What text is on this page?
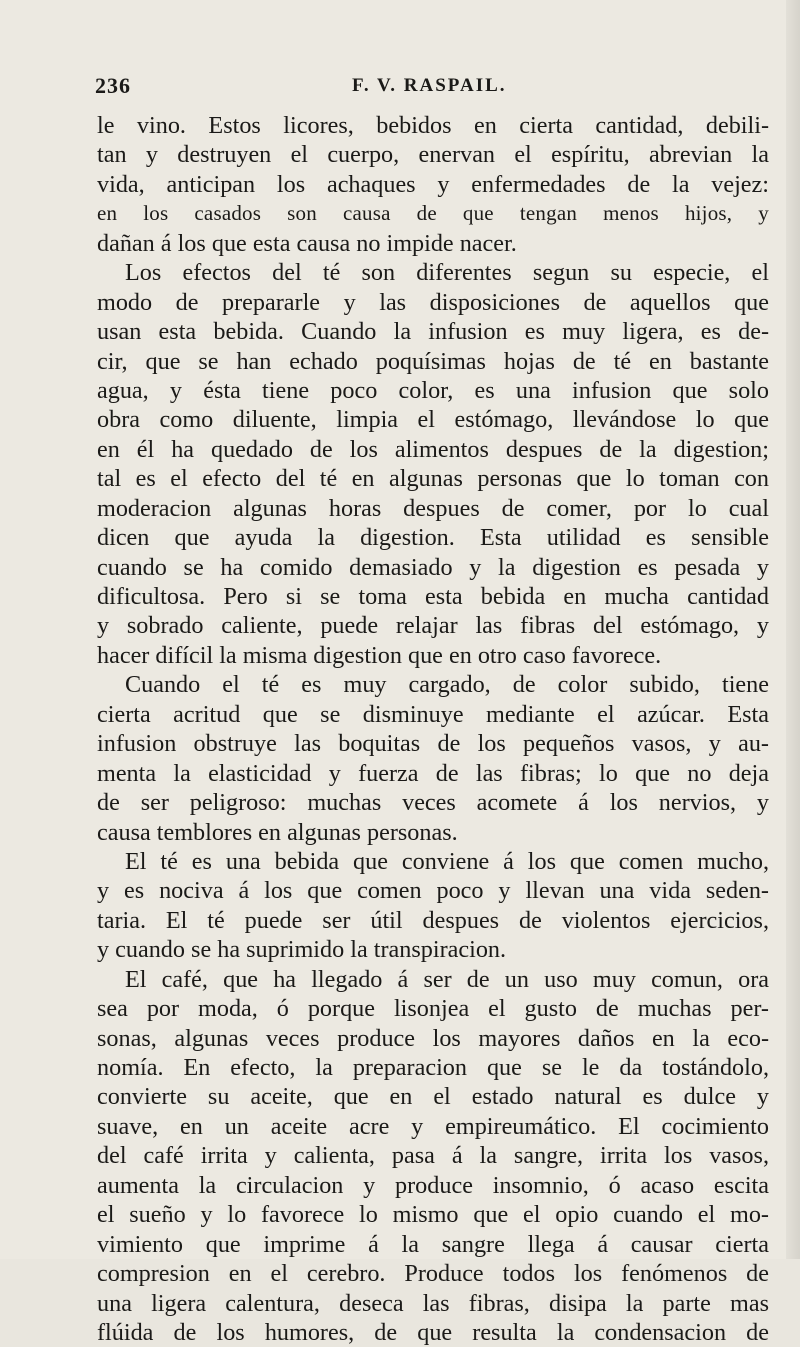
236	F. V. RASPAIL.
le vino. Estos licores, bebidos en cierta cantidad, debili-
tan y destruyen el cuerpo, enervan el espíritu, abrevian la
vida, anticipan los achaques y enfermedades de la vejez:
en los casados son causa de que tengan menos hijos, y
dañan á los que esta causa no impide nacer.
Los efectos del té son diferentes segun su especie, el
modo de prepararle y las disposiciones de aquellos que
usan esta bebida. Cuando la infusion es muy ligera, es de-
cir, que se han echado poquísimas hojas de té en bastante
agua, y ésta tiene poco color, es una infusion que solo
obra como diluente, limpia el estómago, llevándose lo que
en él ha quedado de los alimentos despues de la digestion;
tal es el efecto del té en algunas personas que lo toman con
moderacion algunas horas despues de comer, por lo cual
dicen que ayuda la digestion. Esta utilidad es sensible
cuando se ha comido demasiado y la digestion es pesada y
dificultosa. Pero si se toma esta bebida en mucha cantidad
y sobrado caliente, puede relajar las fibras del estómago, y
hacer difícil la misma digestion que en otro caso favorece.
Cuando el té es muy cargado, de color subido, tiene
cierta acritud que se disminuye mediante el azúcar. Esta
infusion obstruye las boquitas de los pequeños vasos, y au-
menta la elasticidad y fuerza de las fibras; lo que no deja
de ser peligroso: muchas veces acomete á los nervios, y
causa temblores en algunas personas.
El té es una bebida que conviene á los que comen mucho,
y es nociva á los que comen poco y llevan una vida seden-
taria. El té puede ser útil despues de violentos ejercicios,
y cuando se ha suprimido la transpiracion.
El café, que ha llegado á ser de un uso muy comun, ora
sea por moda, ó porque lisonjea el gusto de muchas per-
sonas, algunas veces produce los mayores daños en la eco-
nomía. En efecto, la preparacion que se le da tostándolo,
convierte su aceite, que en el estado natural es dulce y
suave, en un aceite acre y empireumático. El cocimiento
del café irrita y calienta, pasa á la sangre, irrita los vasos,
aumenta la circulacion y produce insomnio, ó acaso escita
el sueño y lo favorece lo mismo que el opio cuando el mo-
vimiento que imprime á la sangre llega á causar cierta
compresion en el cerebro. Produce todos los fenómenos de
una ligera calentura, deseca las fibras, disipa la parte mas
flúida de los humores, de que resulta la condensacion de
